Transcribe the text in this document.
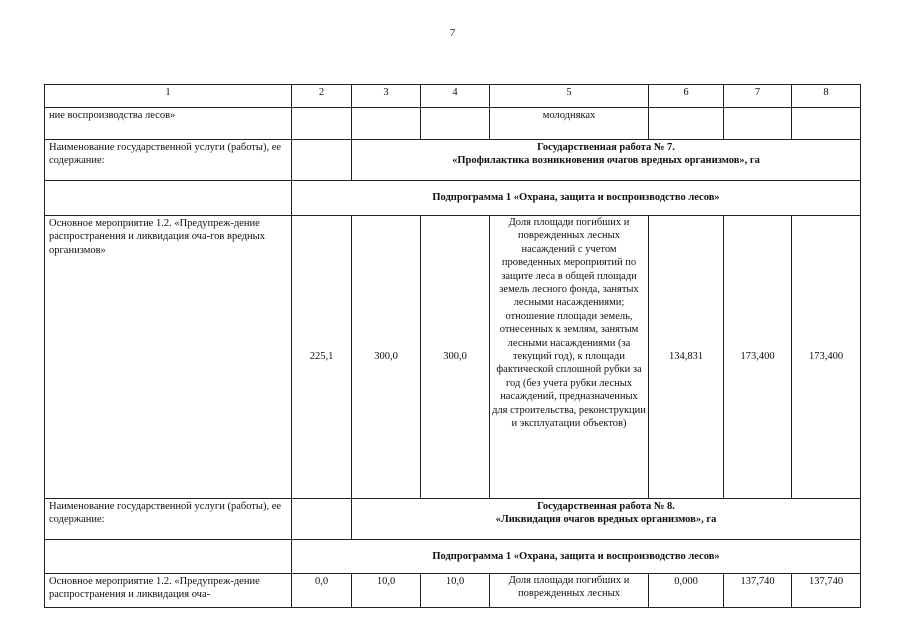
7
1	2	3	4	5	6	7	8
ние воспроизводства лесов»				молодняках			
Наименование государственной услуги (работы), ее содержание:		Государственная работа № 7.
«Профилактика возникновения очагов вредных организмов», га					

	Подпрограмма 1 «Охрана, защита и воспроизводство лесов»						
Основное мероприятие 1.2. «Предупреж-дение распространения и ликвидация оча-гов вредных организмов»	225,1	300,0	300,0	Доля площади погибших и поврежденных лесных насаждений с учетом проведенных мероприятий по защите леса в общей площади земель лесного фонда, занятых лесными насаждениями; отношение площади земель, отнесенных к землям, занятым лесными насаждениями (за текущий год), к площади фактической сплошной рубки за год (без учета рубки лесных насаждений, предназначенных для строительства, реконструкции и эксплуатации объектов)	134,831	173,400	173,400
Наименование государственной услуги (работы), ее содержание:		Государственная работа № 8.
«Ликвидация очагов вредных организмов», га					

	Подпрограмма 1 «Охрана, защита и воспроизводство лесов»						
Основное мероприятие 1.2. «Предупреж-дение распространения и ликвидация оча-	0,0	10,0	10,0	Доля площади погибших и поврежденных лесных	0,000	137,740	137,740
